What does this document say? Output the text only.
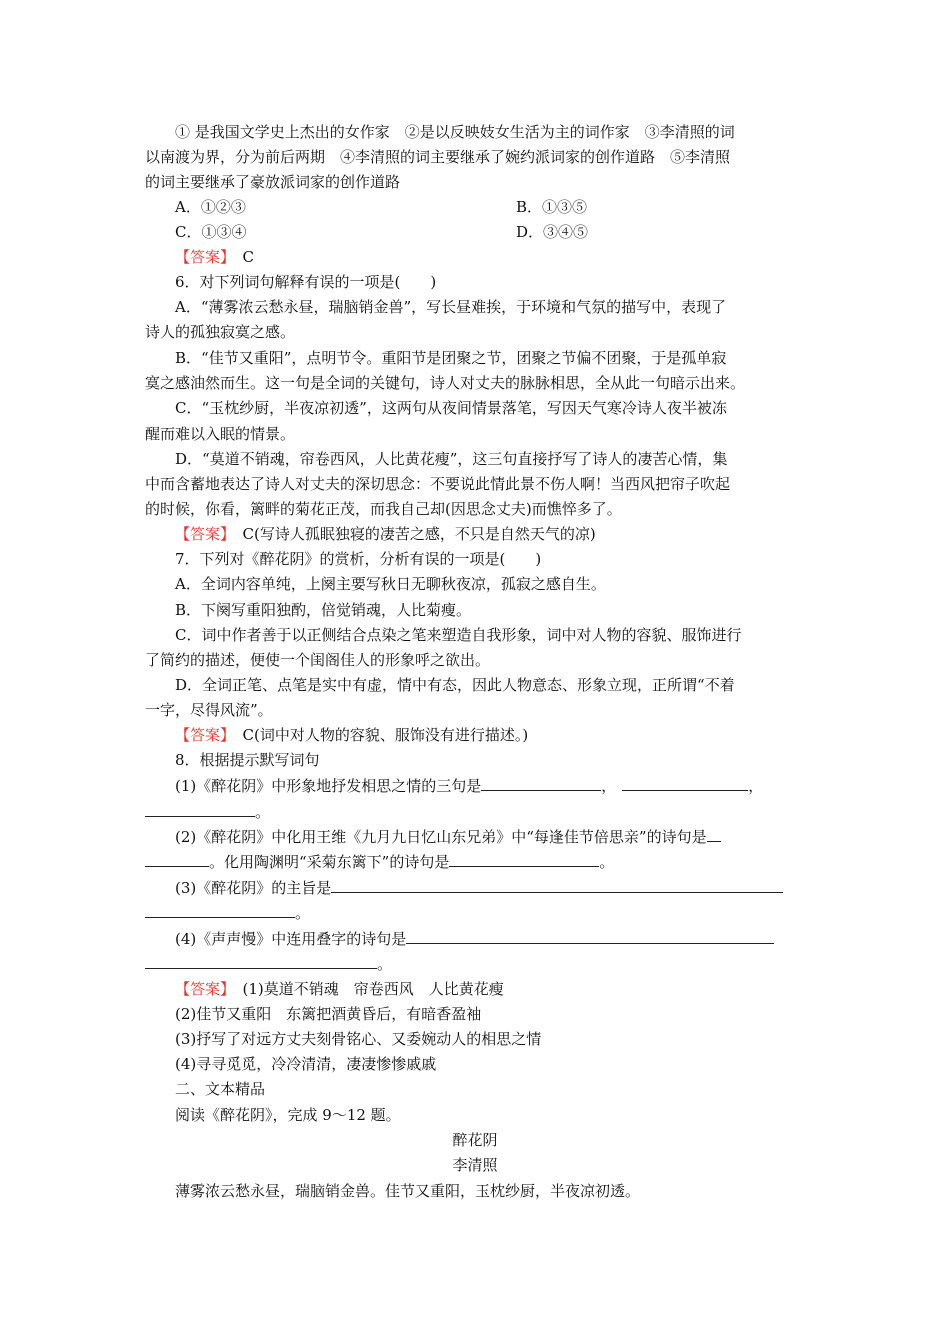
① 是我国文学史上杰出的女作家　②是以反映妓女生活为主的词作家　③李清照的词
以南渡为界，分为前后两期　④李清照的词主要继承了婉约派词家的创作道路　⑤李清照
的词主要继承了豪放派词家的创作道路
A．①②③	B．①③⑤
C．①③④	D．③④⑤
【答案】　C
6．对下列词句解释有误的一项是(　　)
A．“薄雾浓云愁永昼，瑞脑销金兽”，写长昼难挨，于环境和气氛的描写中，表现了
诗人的孤独寂寞之感。
B．“佳节又重阳”，点明节令。重阳节是团聚之节，团聚之节偏不团聚，于是孤单寂
寞之感油然而生。这一句是全词的关键句，诗人对丈夫的脉脉相思，全从此一句暗示出来。
C．“玉枕纱厨，半夜凉初透”，这两句从夜间情景落笔，写因天气寒冷诗人夜半被冻
醒而难以入眠的情景。
D．“莫道不销魂，帘卷西风，人比黄花瘦”，这三句直接抒写了诗人的凄苦心情，集
中而含蓄地表达了诗人对丈夫的深切思念：不要说此情此景不伤人啊！当西风把帘子吹起
的时候，你看，篱畔的菊花正茂，而我自己却(因思念丈夫)而憔悴多了。
【答案】　C(写诗人孤眠独寝的凄苦之感，不只是自然天气的凉)
7．下列对《醉花阴》的赏析，分析有误的一项是(　　)
A．全词内容单纯，上阕主要写秋日无聊秋夜凉，孤寂之感自生。
B．下阕写重阳独酌，倍觉销魂，人比菊瘦。
C．词中作者善于以正侧结合点染之笔来塑造自我形象，词中对人物的容貌、服饰进行
了简约的描述，便使一个闺阁佳人的形象呼之欲出。
D．全词正笔、点笔是实中有虚，情中有态，因此人物意态、形象立现，正所谓“不着
一字，尽得风流”。
【答案】　C(词中对人物的容貌、服饰没有进行描述。)
8．根据提示默写词句
(1)《醉花阴》中形象地抒发相思之情的三句是	，	，
。
(2)《醉花阴》中化用王维《九月九日忆山东兄弟》中“每逢佳节倍思亲”的诗句是
。化用陶渊明“采菊东篱下”的诗句是	。
(3)《醉花阴》的主旨是
。
(4)《声声慢》中连用叠字的诗句是
。
【答案】　(1)莫道不销魂　帘卷西风　人比黄花瘦
(2)佳节又重阳　东篱把酒黄昏后，有暗香盈袖
(3)抒写了对远方丈夫刻骨铭心、又委婉动人的相思之情
(4)寻寻觅觅，冷冷清清，凄凄惨惨戚戚
二、文本精品
阅读《醉花阴》，完成 9～12 题。
醉花阴
李清照
薄雾浓云愁永昼，瑞脑销金兽。佳节又重阳，玉枕纱厨，半夜凉初透。
